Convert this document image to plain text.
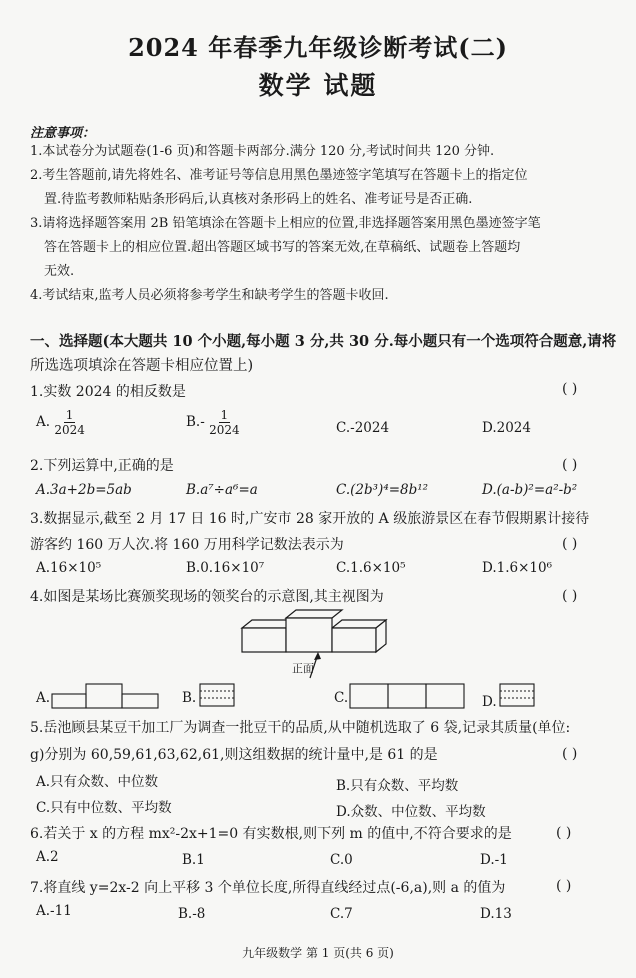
2024 年春季九年级诊断考试(二)
数学 试题
注意事项：
1.本试卷分为试题卷(1-6 页)和答题卡两部分.满分 120 分,考试时间共 120 分钟.
2.考生答题前,请先将姓名、准考证号等信息用黑色墨迹签字笔填写在答题卡上的指定位
置.待监考教师粘贴条形码后,认真核对条形码上的姓名、准考证号是否正确.
3.请将选择题答案用 2B 铅笔填涂在答题卡上相应的位置,非选择题答案用黑色墨迹签字笔
答在答题卡上的相应位置.超出答题区域书写的答案无效,在草稿纸、试题卷上答题均
无效.
4.考试结束,监考人员必须将参考学生和缺考学生的答题卡收回.
一、选择题(本大题共 10 个小题,每小题 3 分,共 30 分.每小题只有一个选项符合题意,请将
所选选项填涂在答题卡相应位置上)
1.实数 2024 的相反数是	( )
A. $\frac{1}{2024}$	$B.- \frac{1}{2024}$	C.-2024	D.2024
2.下列运算中,正确的是	( )
A.3a+2b=5ab	B.a⁷÷a⁶=a	C.(2b³)⁴=8b¹²	D.(a-b)²=a²-b²
3.数据显示,截至 2 月 17 日 16 时,广安市 28 家开放的 A 级旅游景区在春节假期累计接待
游客约 160 万人次.将 160 万用科学记数法表示为	( )
A.16×10⁵	B.0.16×10⁷	C.1.6×10⁵	D.1.6×10⁶
4.如图是某场比赛颁奖现场的领奖台的示意图,其主视图为	( )
正面
A.	B.	C.	D.
5.岳池顾县某豆干加工厂为调查一批豆干的品质,从中随机选取了 6 袋,记录其质量(单位:
g)分别为 60,59,61,63,62,61,则这组数据的统计量中,是 61 的是	( )
A.只有众数、中位数	B.只有众数、平均数
C.只有中位数、平均数	D.众数、中位数、平均数
6.若关于 x 的方程 mx²-2x+1=0 有实数根,则下列 m 的值中,不符合要求的是	( )
A.2	B.1	C.0	D.-1
7.将直线 y=2x-2 向上平移 3 个单位长度,所得直线经过点(-6,a),则 a 的值为	( )
A.-11	B.-8	C.7	D.13
九年级数学 第 1 页(共 6 页)
